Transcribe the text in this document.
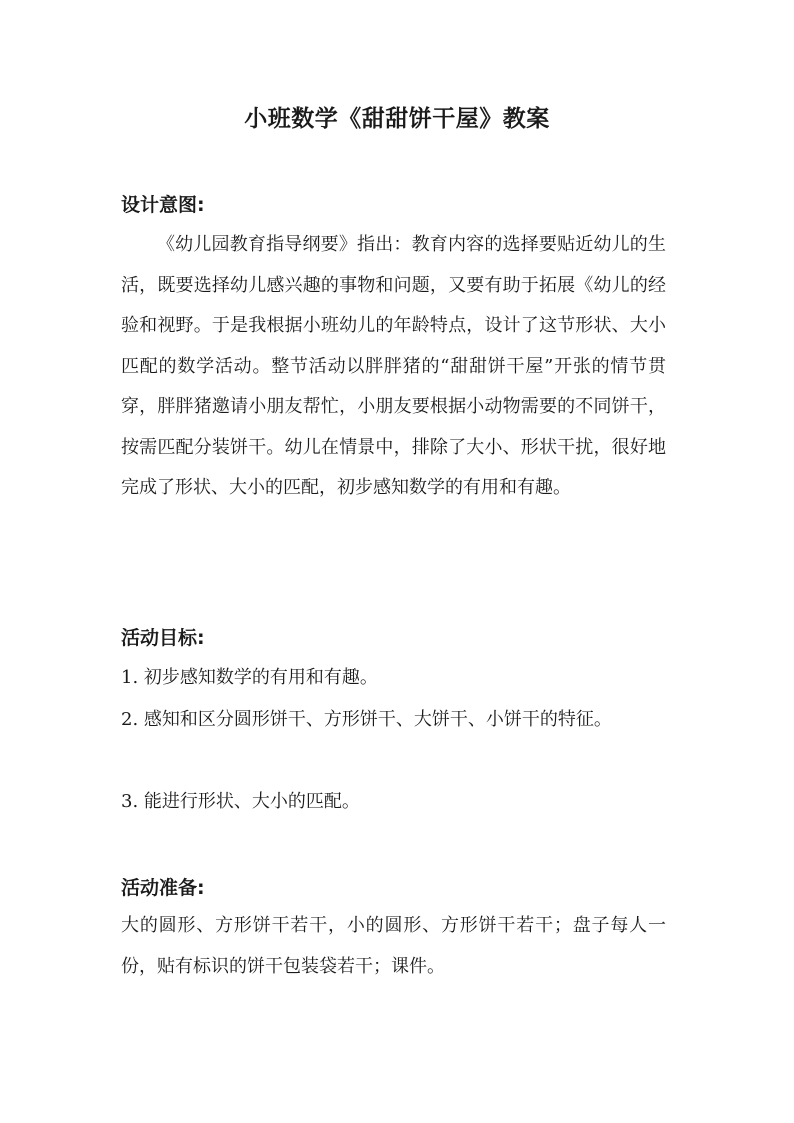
小班数学《甜甜饼干屋》教案
设计意图:

《幼儿园教育指导纲要》指出：教育内容的选择要贴近幼儿的生活，既要选择幼儿感兴趣的事物和问题，又要有助于拓展《幼儿的经验和视野。于是我根据小班幼儿的年龄特点，设计了这节形状、大小匹配的数学活动。整节活动以胖胖猪的“甜甜饼干屋”开张的情节贯穿，胖胖猪邀请小朋友帮忙，小朋友要根据小动物需要的不同饼干，按需匹配分装饼干。幼儿在情景中，排除了大小、形状干扰，很好地完成了形状、大小的匹配，初步感知数学的有用和有趣。

活动目标:

1. 初步感知数学的有用和有趣。

2. 感知和区分圆形饼干、方形饼干、大饼干、小饼干的特征。

3. 能进行形状、大小的匹配。

活动准备:

大的圆形、方形饼干若干，小的圆形、方形饼干若干；盘子每人一份，贴有标识的饼干包装袋若干；课件。
